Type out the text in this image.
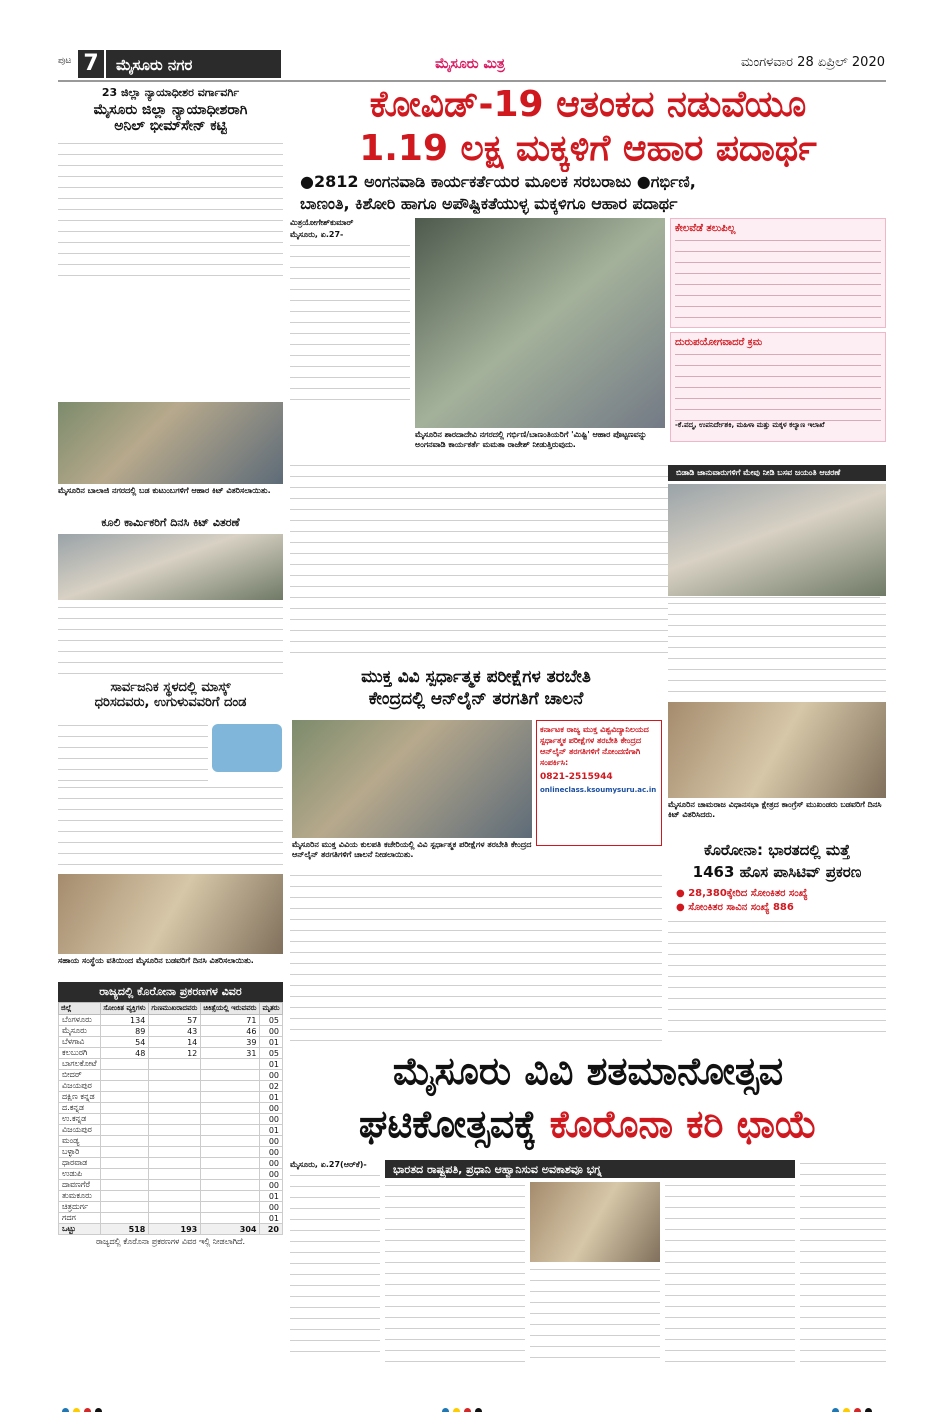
ಪುಟ 7	ಮೈಸೂರು ನಗರ	ಮೈಸೂರು ಮಿತ್ರ	ಮಂಗಳವಾರ 28 ಏಪ್ರಿಲ್ 2020
23 ಜಿಲ್ಲಾ ನ್ಯಾಯಾಧೀಶರ ವರ್ಗಾವರ್ಗಿ
ಮೈಸೂರು ಜಿಲ್ಲಾ ನ್ಯಾಯಾಧೀಶರಾಗಿ
ಅನಿಲ್ ಭೀಮ್‌ಸೇನ್ ಕಟ್ಟಿ
ಮೈಸೂರಿನ ಬಾಲಾಜಿ ನಗರದಲ್ಲಿ ಬಡ ಕುಟುಂಬಗಳಿಗೆ ಆಹಾರ ಕಿಟ್ ವಿತರಿಸಲಾಯಿತು.
ಕೂಲಿ ಕಾರ್ಮಿಕರಿಗೆ ದಿನಸಿ ಕಿಟ್ ವಿತರಣೆ
ಸಾರ್ವಜನಿಕ ಸ್ಥಳದಲ್ಲಿ ಮಾಸ್ಕ್
ಧರಿಸದವರು, ಉಗುಳುವವರಿಗೆ ದಂಡ
ಸಹಾಯ ಸಂಸ್ಥೆಯ ವತಿಯಿಂದ ಮೈಸೂರಿನ ಬಡವರಿಗೆ ದಿನಸಿ ವಿತರಿಸಲಾಯಿತು.
ರಾಜ್ಯದಲ್ಲಿ ಕೊರೋನಾ ಪ್ರಕರಣಗಳ ವಿವರ
ಜಿಲ್ಲೆ	ಸೋಂಕಿತ ವ್ಯಕ್ತಿಗಳು	ಗುಣಮುಖರಾದವರು	ಚಿಕಿತ್ಸೆಯಲ್ಲಿ ಇರುವವರು	ಮೃತರು
ಬೆಂಗಳೂರು	134	57	71	05
ಮೈಸೂರು	89	43	46	00
ಬೆಳಗಾವಿ	54	14	39	01
ಕಲಬುರಗಿ	48	12	31	05
ಬಾಗಲಕೋಟೆ				01
ಬೀದರ್				00
ವಿಜಯಪುರ				02
ದಕ್ಷಿಣ ಕನ್ನಡ				01
ದ.ಕನ್ನಡ				00
ಉ.ಕನ್ನಡ				00
ವಿಜಯಪುರ				01
ಮಂಡ್ಯ				00
ಬಳ್ಳಾರಿ				00
ಧಾರವಾಡ				00
ಉಡುಪಿ				00
ದಾವಣಗೆರೆ				00
ತುಮಕೂರು				01
ಚಿತ್ರದುರ್ಗ				00
ಗದಗ				01
ಒಟ್ಟು	518	193	304	20
ರಾಜ್ಯದಲ್ಲಿ ಕೊರೊನಾ ಪ್ರಕರಣಗಳ ವಿವರ ಇಲ್ಲಿ ನೀಡಲಾಗಿದೆ.
ಕೋವಿಡ್-19 ಆತಂಕದ ನಡುವೆಯೂ
1.19 ಲಕ್ಷ ಮಕ್ಕಳಿಗೆ ಆಹಾರ ಪದಾರ್ಥ
●2812 ಅಂಗನವಾಡಿ ಕಾರ್ಯಕರ್ತೆಯರ ಮೂಲಕ ಸರಬರಾಜು ●ಗರ್ಭಿಣಿ,
ಬಾಣಂತಿ, ಕಿಶೋರಿ ಹಾಗೂ ಅಪೌಷ್ಟಿಕತೆಯುಳ್ಳ ಮಕ್ಕಳಿಗೂ ಆಹಾರ ಪದಾರ್ಥ
ಮಿತ್ರಯೋಗೇಶ್‌ಕುಮಾರ್
ಮೈಸೂರು, ಏ.27-
ಮೈಸೂರಿನ ಶಾರದಾದೇವಿ ನಗರದಲ್ಲಿ ಗರ್ಭಿಣಿ/ಬಾಣಂತಿಯರಿಗೆ 'ಮಿಷ್ಟಿ' ಆಹಾರ ಪೊಟ್ಟಣವನ್ನು ಅಂಗನವಾಡಿ ಕಾರ್ಯಕರ್ತೆ ಮಮತಾ ರಾಜೇಶ್ ನೀಡುತ್ತಿರುವುದು.
ಕೇಲವೆಡೆ ತಲುಪಿಲ್ಲ
ದುರುಪಯೋಗವಾದರೆ ಕ್ರಮ
-ಕೆ.ಪದ್ಮ, ಉಪನಿರ್ದೇಶಕಿ, ಮಹಿಳಾ ಮತ್ತು ಮಕ್ಕಳ ಕಲ್ಯಾಣ ಇಲಾಖೆ
ಬಿಡಾಡಿ ಜಾನುವಾರುಗಳಿಗೆ ಮೇವು ನೀಡಿ ಬಸವ ಜಯಂತಿ ಆಚರಣೆ
ಮೈಸೂರಿನ ಚಾಮರಾಜ ವಿಧಾನಸಭಾ ಕ್ಷೇತ್ರದ ಕಾಂಗ್ರೆಸ್ ಮುಖಂಡರು ಬಡವರಿಗೆ ದಿನಸಿ ಕಿಟ್ ವಿತರಿಸಿದರು.
ಕೊರೋನಾ: ಭಾರತದಲ್ಲಿ ಮತ್ತೆ
1463 ಹೊಸ ಪಾಸಿಟಿವ್ ಪ್ರಕರಣ
● 28,380ಕ್ಕೇರಿದ ಸೋಂಕಿತರ ಸಂಖ್ಯೆ
● ಸೋಂಕಿತರ ಸಾವಿನ ಸಂಖ್ಯೆ 886
ಮುಕ್ತ ವಿವಿ ಸ್ಪರ್ಧಾತ್ಮಕ ಪರೀಕ್ಷೆಗಳ ತರಬೇತಿ
ಕೇಂದ್ರದಲ್ಲಿ ಆನ್‌ಲೈನ್ ತರಗತಿಗೆ ಚಾಲನೆ
ಮೈಸೂರಿನ ಮುಕ್ತ ವಿವಿಯ ಕುಲಪತಿ ಕಚೇರಿಯಲ್ಲಿ ವಿವಿ ಸ್ಪರ್ಧಾತ್ಮಕ ಪರೀಕ್ಷೆಗಳ ತರಬೇತಿ ಕೇಂದ್ರದ ಆನ್‌ಲೈನ್ ತರಗತಿಗಳಿಗೆ ಚಾಲನೆ ನೀಡಲಾಯಿತು.
ಕರ್ನಾಟಕ ರಾಜ್ಯ ಮುಕ್ತ ವಿಶ್ವವಿದ್ಯಾನಿಲಯದ ಸ್ಪರ್ಧಾತ್ಮಕ ಪರೀಕ್ಷೆಗಳ ತರಬೇತಿ ಕೇಂದ್ರದ ಆನ್‌ಲೈನ್ ತರಗತಿಗಳಿಗೆ ನೋಂದಣಿಗಾಗಿ ಸಂಪರ್ಕಿಸಿ:
0821-2515944
onlineclass.ksoumysuru.ac.in
ಮೈಸೂರು ವಿವಿ ಶತಮಾನೋತ್ಸವ
ಘಟಿಕೋತ್ಸವಕ್ಕೆ ಕೊರೊನಾ ಕರಿ ಛಾಯೆ
ಮೈಸೂರು, ಏ.27(ಆರ್‌ಕೆ)-	ಭಾರತದ ರಾಷ್ಟ್ರಪತಿ, ಪ್ರಧಾನಿ ಆಹ್ವಾನಿಸುವ ಅವಕಾಶವೂ ಭಗ್ನ
